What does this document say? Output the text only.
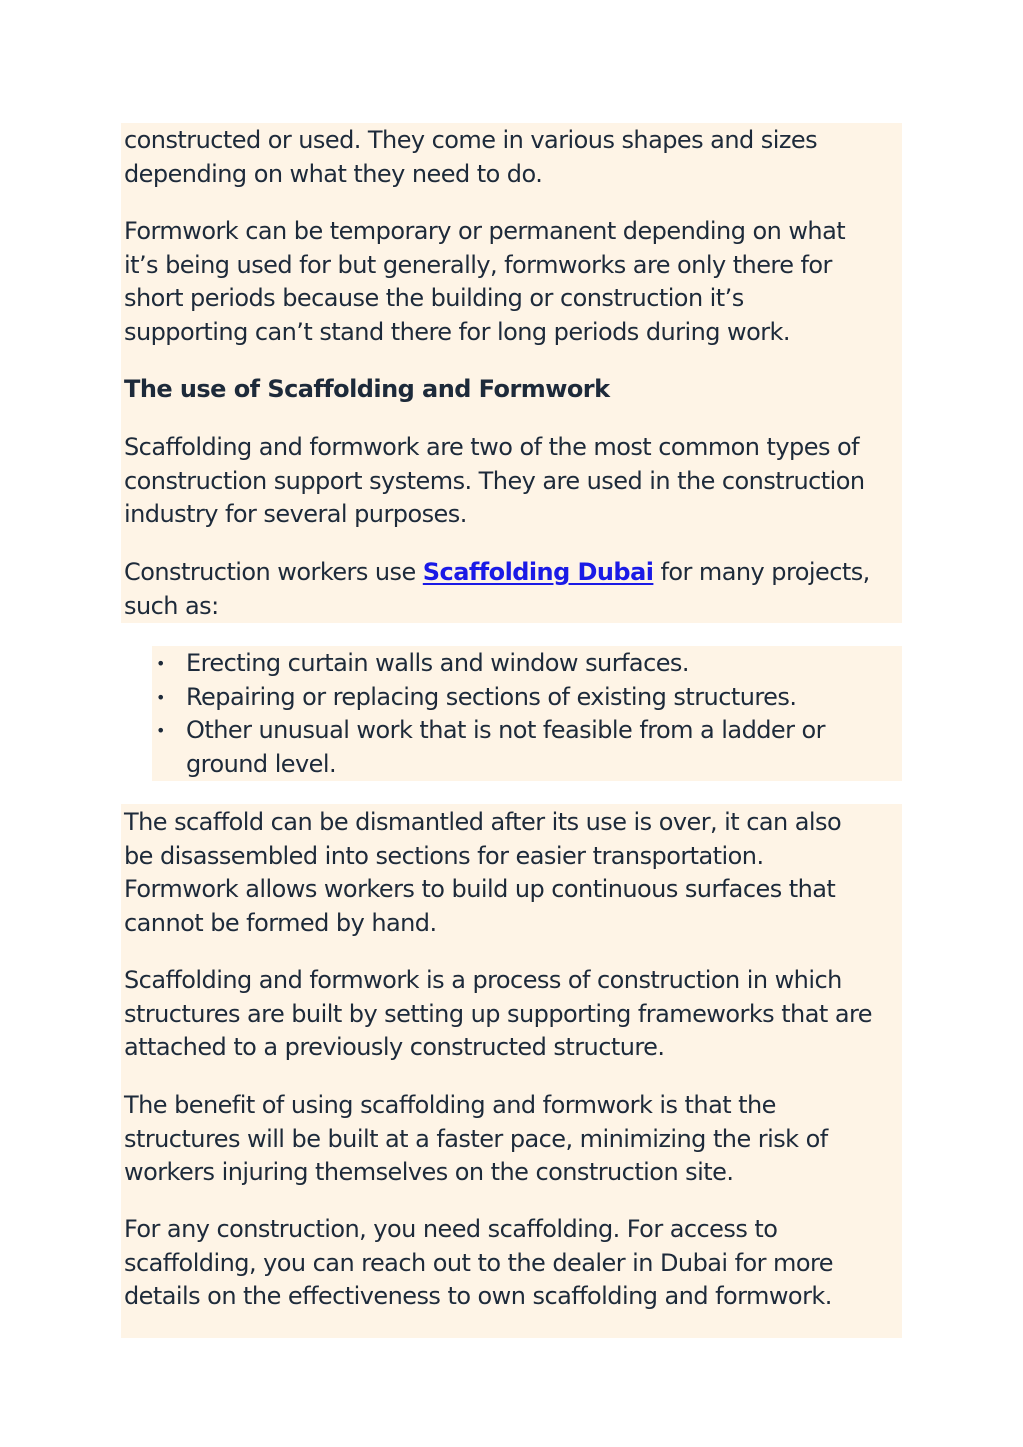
constructed or used. They come in various shapes and sizes
depending on what they need to do.
Formwork can be temporary or permanent depending on what
it’s being used for but generally, formworks are only there for
short periods because the building or construction it’s
supporting can’t stand there for long periods during work.
The use of Scaffolding and Formwork
Scaffolding and formwork are two of the most common types of
construction support systems. They are used in the construction
industry for several purposes.
Construction workers use Scaffolding Dubai for many projects,
such as:
• Erecting curtain walls and window surfaces.
• Repairing or replacing sections of existing structures.
• Other unusual work that is not feasible from a ladder or
ground level.
The scaffold can be dismantled after its use is over, it can also
be disassembled into sections for easier transportation.
Formwork allows workers to build up continuous surfaces that
cannot be formed by hand.
Scaffolding and formwork is a process of construction in which
structures are built by setting up supporting frameworks that are
attached to a previously constructed structure.
The benefit of using scaffolding and formwork is that the
structures will be built at a faster pace, minimizing the risk of
workers injuring themselves on the construction site.
For any construction, you need scaffolding. For access to
scaffolding, you can reach out to the dealer in Dubai for more
details on the effectiveness to own scaffolding and formwork.
